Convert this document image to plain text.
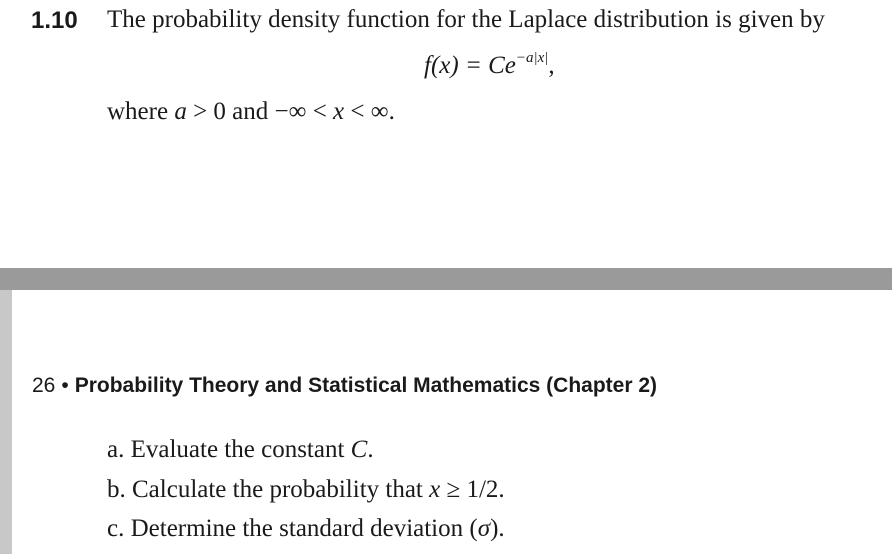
1.10 The probability density function for the Laplace distribution is given by
$f(x) = Ce^{-a|x|}$,
where a > 0 and −∞ < x < ∞.
26 • Probability Theory and Statistical Mathematics (Chapter 2)
a. Evaluate the constant C.
b. Calculate the probability that x ≥ 1/2.
c. Determine the standard deviation (σ).
